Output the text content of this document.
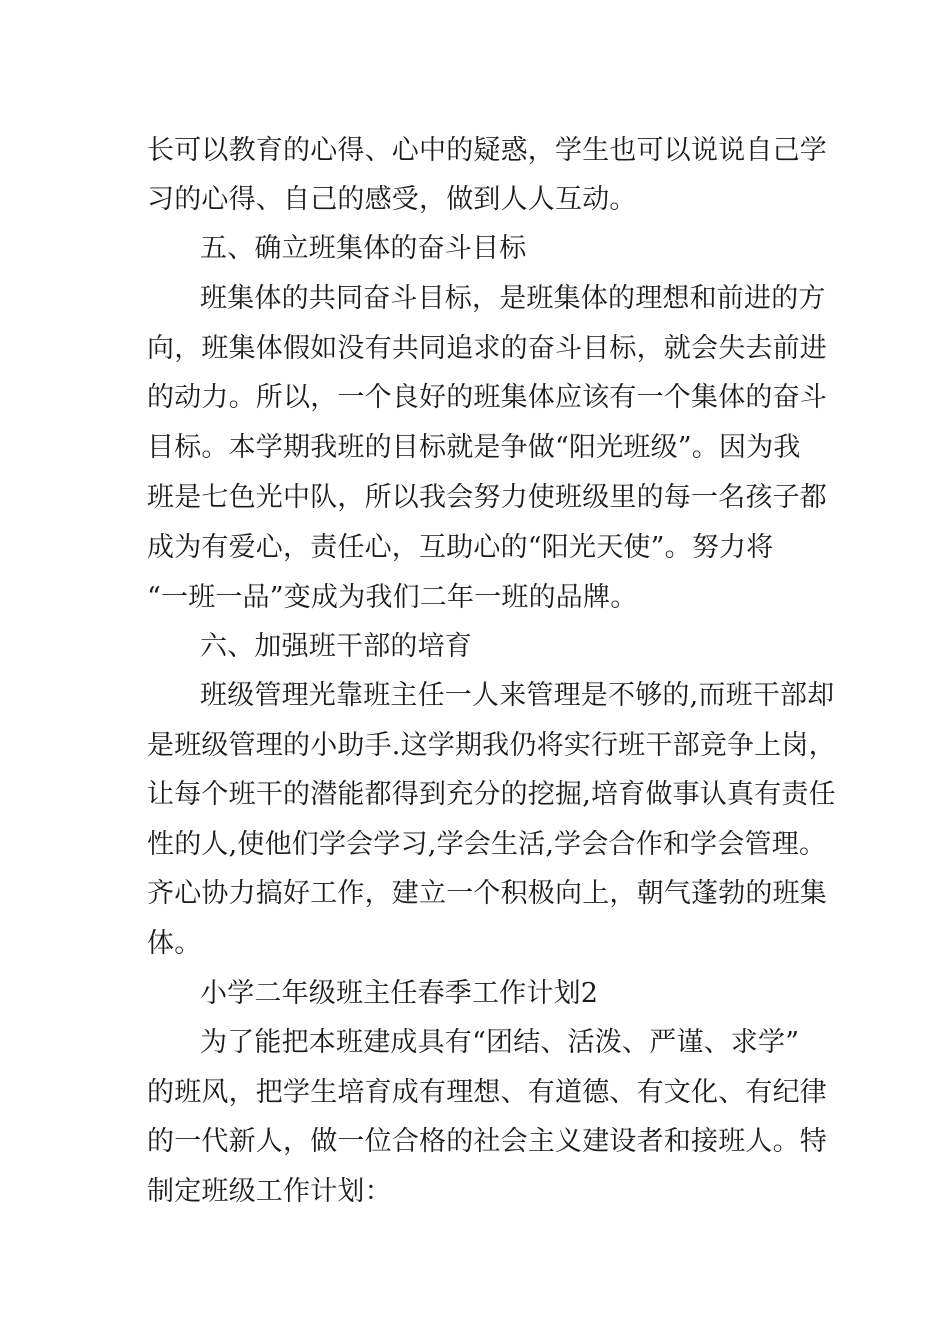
长可以教育的心得、心中的疑惑，学生也可以说说自己学
习的心得、自己的感受，做到人人互动。
五、确立班集体的奋斗目标
班集体的共同奋斗目标，是班集体的理想和前进的方
向，班集体假如没有共同追求的奋斗目标，就会失去前进
的动力。所以，一个良好的班集体应该有一个集体的奋斗
目标。本学期我班的目标就是争做“阳光班级”。因为我
班是七色光中队，所以我会努力使班级里的每一名孩子都
成为有爱心，责任心，互助心的“阳光天使”。努力将
“一班一品”变成为我们二年一班的品牌。
六、加强班干部的培育
班级管理光靠班主任一人来管理是不够的,而班干部却
是班级管理的小助手.这学期我仍将实行班干部竞争上岗，
让每个班干的潜能都得到充分的挖掘,培育做事认真有责任
性的人,使他们学会学习,学会生活,学会合作和学会管理。
齐心协力搞好工作，建立一个积极向上，朝气蓬勃的班集
体。
小学二年级班主任春季工作计划2
为了能把本班建成具有“团结、活泼、严谨、求学”
的班风，把学生培育成有理想、有道德、有文化、有纪律
的一代新人，做一位合格的社会主义建设者和接班人。特
制定班级工作计划：
